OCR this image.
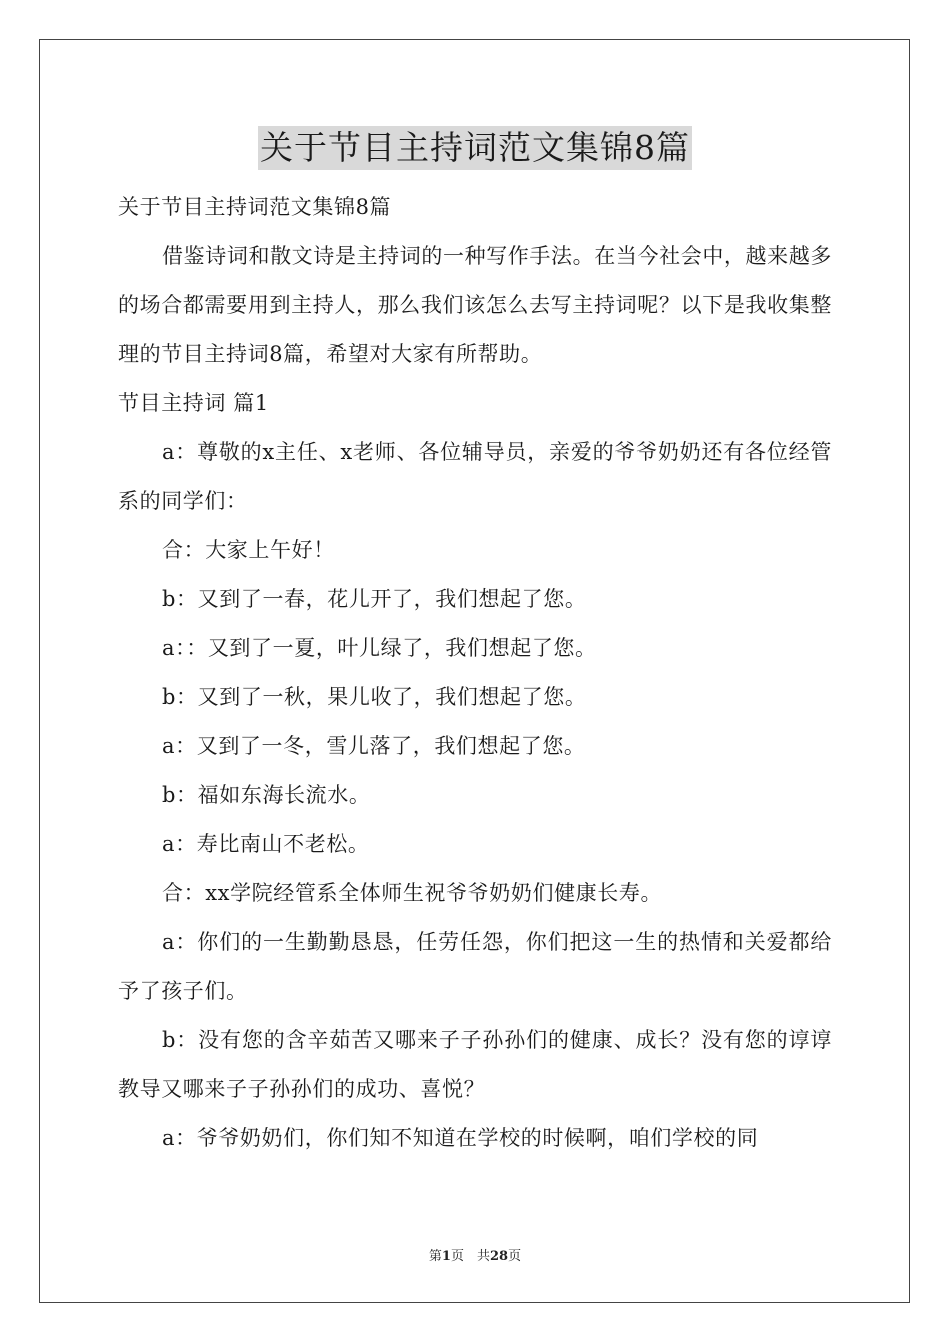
关于节目主持词范文集锦8篇

关于节目主持词范文集锦8篇

借鉴诗词和散文诗是主持词的一种写作手法。在当今社会中，越来越多的场合都需要用到主持人，那么我们该怎么去写主持词呢？以下是我收集整理的节目主持词8篇，希望对大家有所帮助。

节目主持词 篇1

a：尊敬的x主任、x老师、各位辅导员，亲爱的爷爷奶奶还有各位经管系的同学们：

合：大家上午好！

b：又到了一春，花儿开了，我们想起了您。

a：：又到了一夏，叶儿绿了，我们想起了您。

b：又到了一秋，果儿收了，我们想起了您。

a：又到了一冬，雪儿落了，我们想起了您。

b：福如东海长流水。

a：寿比南山不老松。

合：xx学院经管系全体师生祝爷爷奶奶们健康长寿。

a：你们的一生勤勤恳恳，任劳任怨，你们把这一生的热情和关爱都给予了孩子们。

b：没有您的含辛茹苦又哪来子子孙孙们的健康、成长？没有您的谆谆教导又哪来子子孙孙们的成功、喜悦？

a：爷爷奶奶们，你们知不知道在学校的时候啊，咱们学校的同

第1页　共28页
